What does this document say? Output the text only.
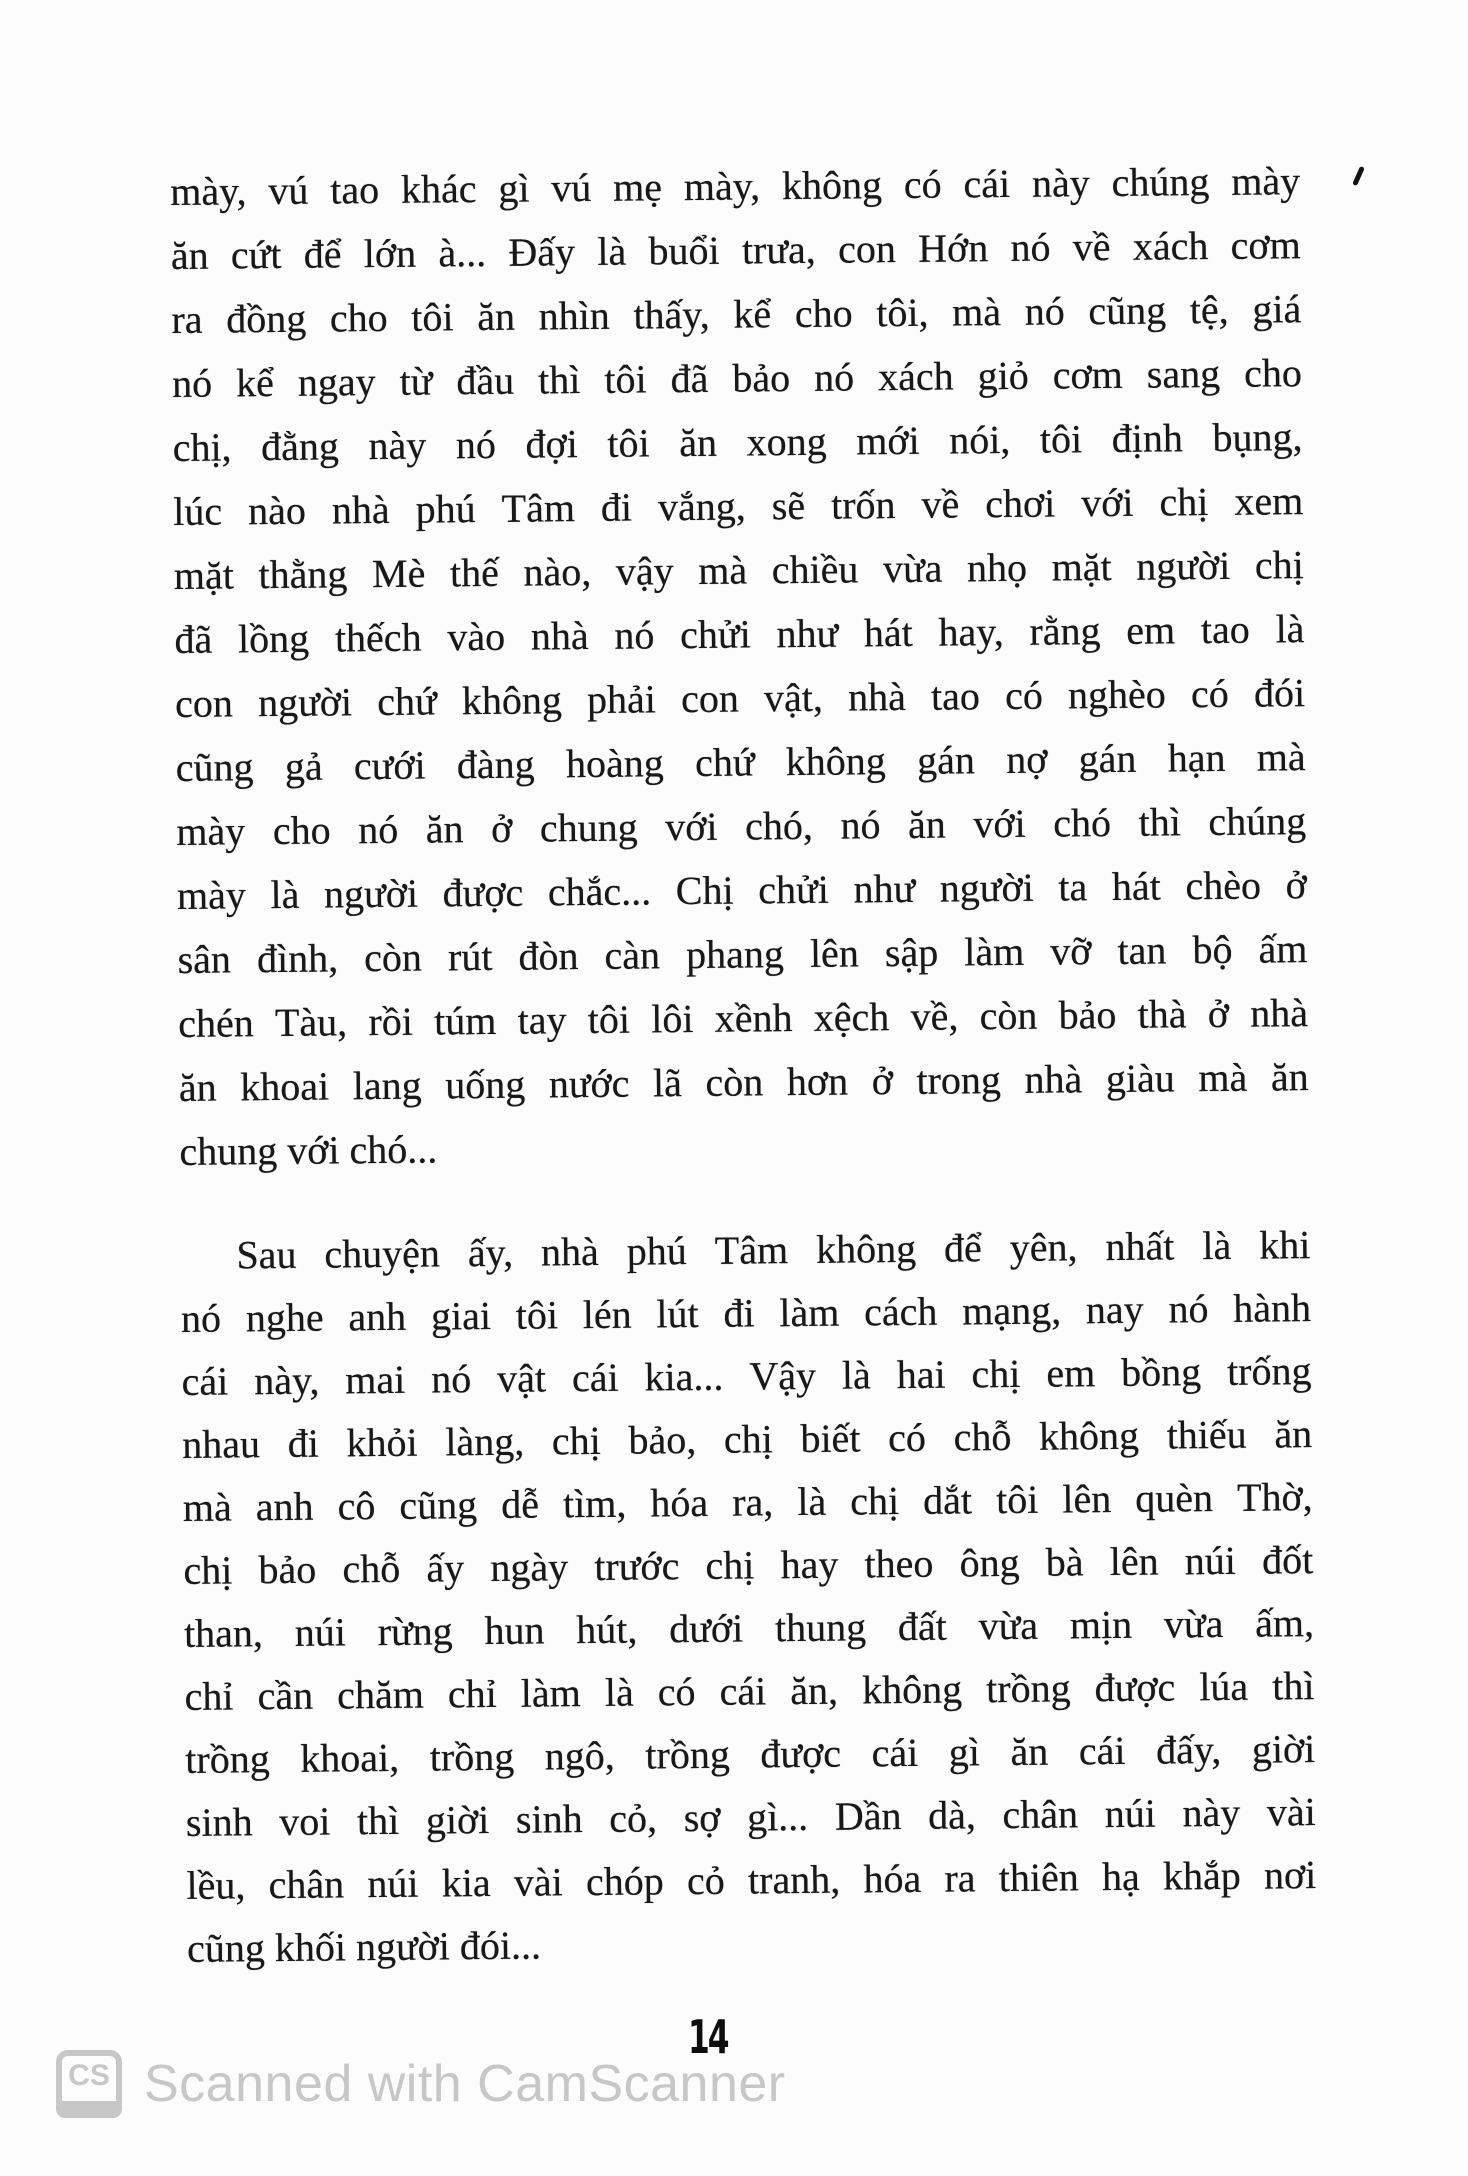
mày, vú tao khác gì vú mẹ mày, không có cái này chúng mày
ăn cứt để lớn à... Đấy là buổi trưa, con Hớn nó về xách cơm
ra đồng cho tôi ăn nhìn thấy, kể cho tôi, mà nó cũng tệ, giá
nó kể ngay từ đầu thì tôi đã bảo nó xách giỏ cơm sang cho
chị, đằng này nó đợi tôi ăn xong mới nói, tôi định bụng,
lúc nào nhà phú Tâm đi vắng, sẽ trốn về chơi với chị xem
mặt thằng Mè thế nào, vậy mà chiều vừa nhọ mặt người chị
đã lồng thếch vào nhà nó chửi như hát hay, rằng em tao là
con người chứ không phải con vật, nhà tao có nghèo có đói
cũng gả cưới đàng hoàng chứ không gán nợ gán hạn mà
mày cho nó ăn ở chung với chó, nó ăn với chó thì chúng
mày là người được chắc... Chị chửi như người ta hát chèo ở
sân đình, còn rút đòn càn phang lên sập làm vỡ tan bộ ấm
chén Tàu, rồi túm tay tôi lôi xềnh xệch về, còn bảo thà ở nhà
ăn khoai lang uống nước lã còn hơn ở trong nhà giàu mà ăn
chung với chó...
Sau chuyện ấy, nhà phú Tâm không để yên, nhất là khi
nó nghe anh giai tôi lén lút đi làm cách mạng, nay nó hành
cái này, mai nó vật cái kia... Vậy là hai chị em bồng trống
nhau đi khỏi làng, chị bảo, chị biết có chỗ không thiếu ăn
mà anh cô cũng dễ tìm, hóa ra, là chị dắt tôi lên quèn Thờ,
chị bảo chỗ ấy ngày trước chị hay theo ông bà lên núi đốt
than, núi rừng hun hút, dưới thung đất vừa mịn vừa ấm,
chỉ cần chăm chỉ làm là có cái ăn, không trồng được lúa thì
trồng khoai, trồng ngô, trồng được cái gì ăn cái đấy, giời
sinh voi thì giời sinh cỏ, sợ gì... Dần dà, chân núi này vài
lều, chân núi kia vài chóp cỏ tranh, hóa ra thiên hạ khắp nơi
cũng khối người đói...
14
CS Scanned with CamScanner
